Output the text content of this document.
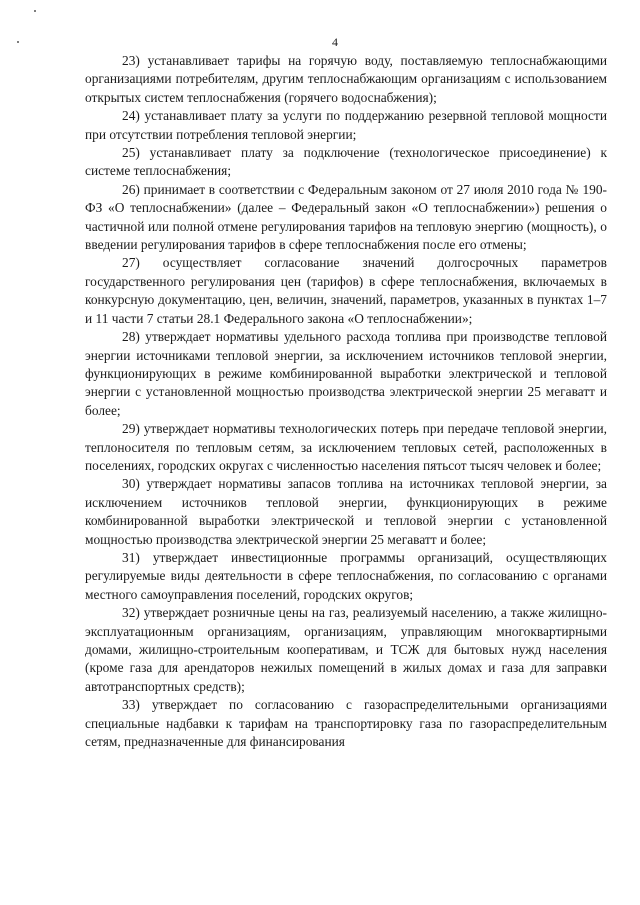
4

23) устанавливает тарифы на горячую воду, поставляемую теплоснабжающими организациями потребителям, другим теплоснабжающим организациям с использованием открытых систем теплоснабжения (горячего водоснабжения);

24) устанавливает плату за услуги по поддержанию резервной тепловой мощности при отсутствии потребления тепловой энергии;

25) устанавливает плату за подключение (технологическое присоединение) к системе теплоснабжения;

26) принимает в соответствии с Федеральным законом от 27 июля 2010 года № 190-ФЗ «О теплоснабжении» (далее – Федеральный закон «О теплоснабжении») решения о частичной или полной отмене регулирования тарифов на тепловую энергию (мощность), о введении регулирования тарифов в сфере теплоснабжения после его отмены;

27) осуществляет согласование значений долгосрочных параметров государственного регулирования цен (тарифов) в сфере теплоснабжения, включаемых в конкурсную документацию, цен, величин, значений, параметров, указанных в пунктах 1–7 и 11 части 7 статьи 28.1 Федерального закона «О теплоснабжении»;

28) утверждает нормативы удельного расхода топлива при производстве тепловой энергии источниками тепловой энергии, за исключением источников тепловой энергии, функционирующих в режиме комбинированной выработки электрической и тепловой энергии с установленной мощностью производства электрической энергии 25 мегаватт и более;

29) утверждает нормативы технологических потерь при передаче тепловой энергии, теплоносителя по тепловым сетям, за исключением тепловых сетей, расположенных в поселениях, городских округах с численностью населения пятьсот тысяч человек и более;

30) утверждает нормативы запасов топлива на источниках тепловой энергии, за исключением источников тепловой энергии, функционирующих в режиме комбинированной выработки электрической и тепловой энергии с установленной мощностью производства электрической энергии 25 мегаватт и более;

31) утверждает инвестиционные программы организаций, осуществляющих регулируемые виды деятельности в сфере теплоснабжения, по согласованию с органами местного самоуправления поселений, городских округов;

32) утверждает розничные цены на газ, реализуемый населению, а также жилищно-эксплуатационным организациям, организациям, управляющим многоквартирными домами, жилищно-строительным кооперативам, и ТСЖ для бытовых нужд населения (кроме газа для арендаторов нежилых помещений в жилых домах и газа для заправки автотранспортных средств);

33) утверждает по согласованию с газораспределительными организациями специальные надбавки к тарифам на транспортировку газа по газораспределительным сетям, предназначенные для финансирования
